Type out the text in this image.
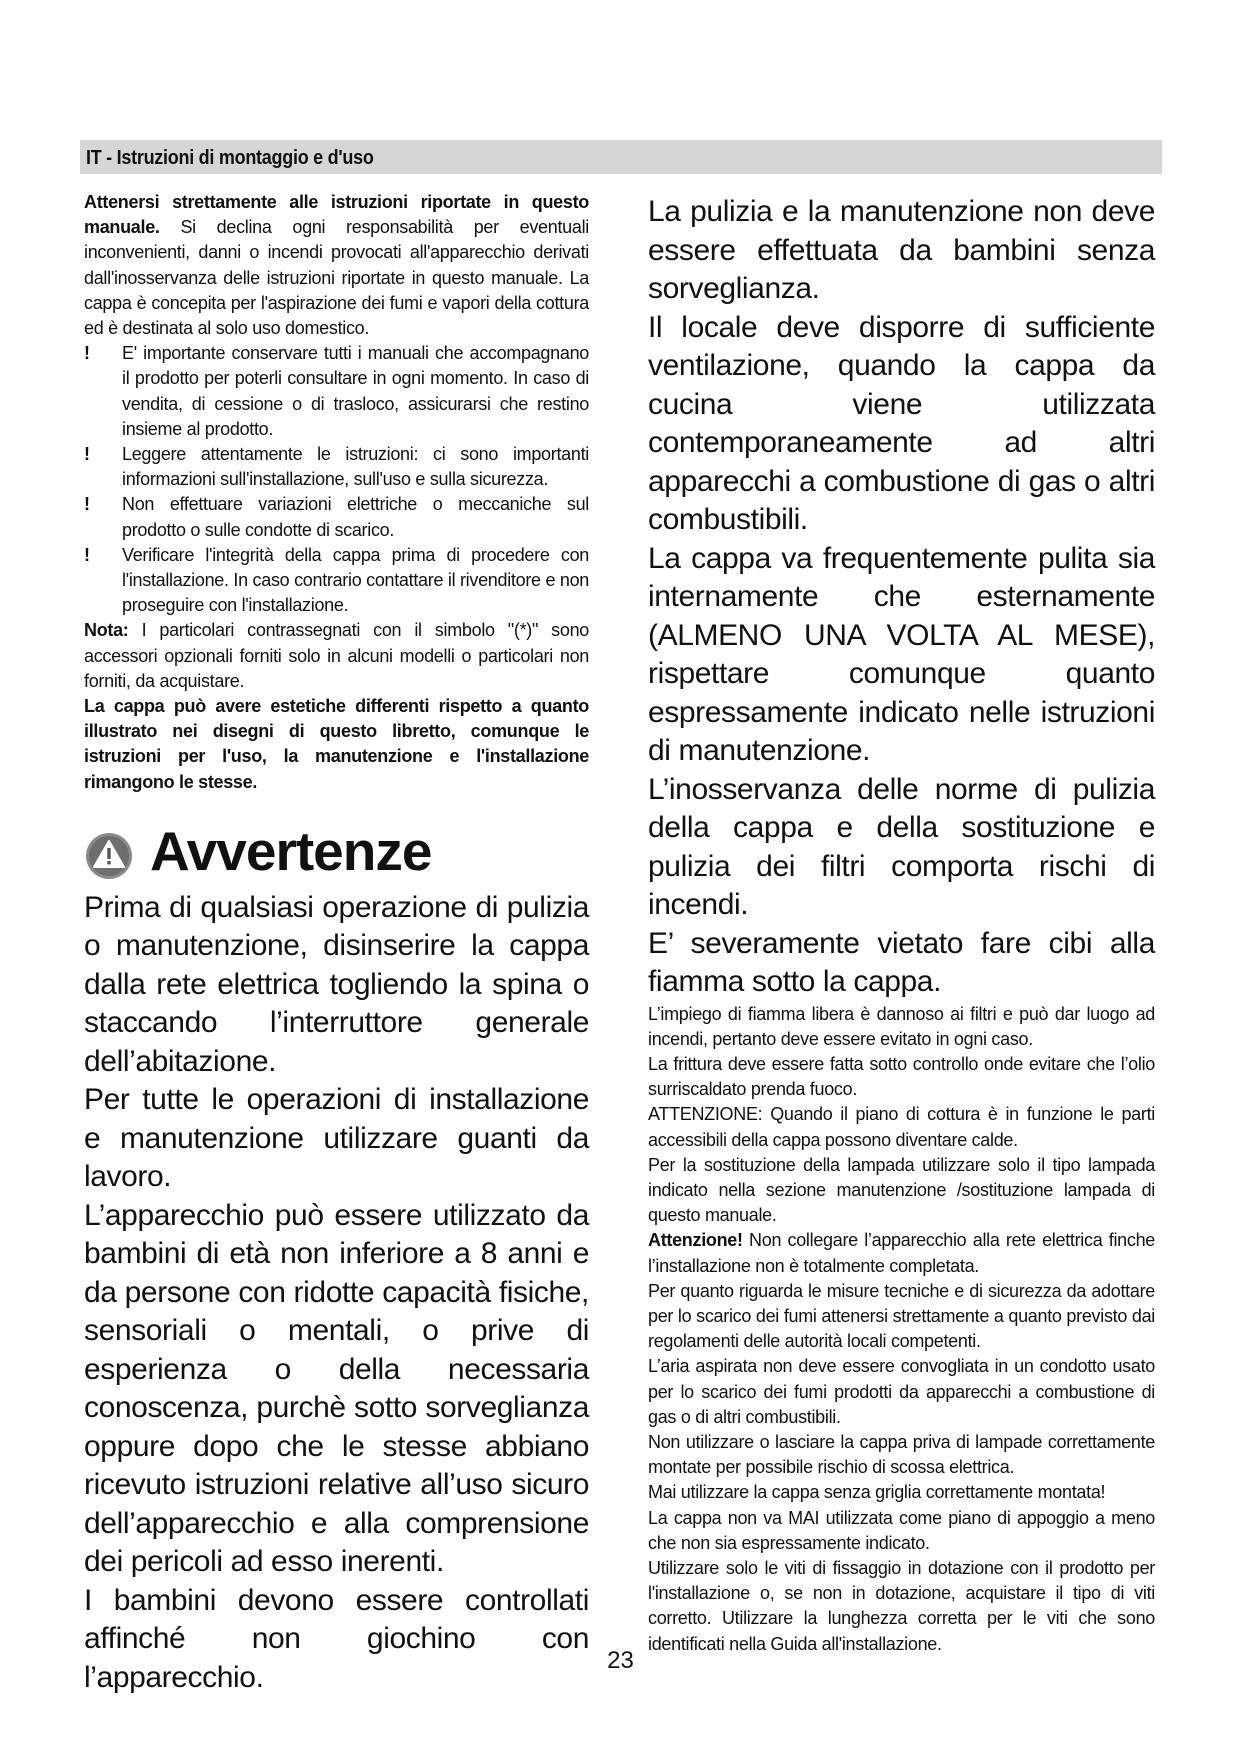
IT - Istruzioni di montaggio e d'uso

Attenersi strettamente alle istruzioni riportate in questo manuale. Si declina ogni responsabilità per eventuali inconvenienti, danni o incendi provocati all'apparecchio derivati dall'inosservanza delle istruzioni riportate in questo manuale. La cappa è concepita per l'aspirazione dei fumi e vapori della cottura ed è destinata al solo uso domestico.

! E' importante conservare tutti i manuali che accompagnano il prodotto per poterli consultare in ogni momento. In caso di vendita, di cessione o di trasloco, assicurarsi che restino insieme al prodotto.

! Leggere attentamente le istruzioni: ci sono importanti informazioni sull'installazione, sull'uso e sulla sicurezza.

! Non effettuare variazioni elettriche o meccaniche sul prodotto o sulle condotte di scarico.

! Verificare l'integrità della cappa prima di procedere con l'installazione. In caso contrario contattare il rivenditore e non proseguire con l'installazione.

Nota: I particolari contrassegnati con il simbolo "(*)" sono accessori opzionali forniti solo in alcuni modelli o particolari non forniti, da acquistare.

La cappa può avere estetiche differenti rispetto a quanto illustrato nei disegni di questo libretto, comunque le istruzioni per l'uso, la manutenzione e l'installazione rimangono le stesse.

Avvertenze

Prima di qualsiasi operazione di pulizia o manutenzione, disinserire la cappa dalla rete elettrica togliendo la spina o staccando l’interruttore generale dell’abitazione.

Per tutte le operazioni di installazione e manutenzione utilizzare guanti da lavoro.

L’apparecchio può essere utilizzato da bambini di età non inferiore a 8 anni e da persone con ridotte capacità fisiche, sensoriali o mentali, o prive di esperienza o della necessaria conoscenza, purchè sotto sorveglianza oppure dopo che le stesse abbiano ricevuto istruzioni relative all’uso sicuro dell’apparecchio e alla comprensione dei pericoli ad esso inerenti.

I bambini devono essere controllati affinché non giochino con l’apparecchio.

La pulizia e la manutenzione non deve essere effettuata da bambini senza sorveglianza.

Il locale deve disporre di sufficiente ventilazione, quando la cappa da cucina viene utilizzata contemporaneamente ad altri apparecchi a combustione di gas o altri combustibili.

La cappa va frequentemente pulita sia internamente che esternamente (ALMENO UNA VOLTA AL MESE), rispettare comunque quanto espressamente indicato nelle istruzioni di manutenzione.

L’inosservanza delle norme di pulizia della cappa e della sostituzione e pulizia dei filtri comporta rischi di incendi.

E’ severamente vietato fare cibi alla fiamma sotto la cappa.

L’impiego di fiamma libera è dannoso ai filtri e può dar luogo ad incendi, pertanto deve essere evitato in ogni caso.

La frittura deve essere fatta sotto controllo onde evitare che l’olio surriscaldato prenda fuoco.

ATTENZIONE: Quando il piano di cottura è in funzione le parti accessibili della cappa possono diventare calde.

Per la sostituzione della lampada utilizzare solo il tipo lampada indicato nella sezione manutenzione /sostituzione lampada di questo manuale.

Attenzione! Non collegare l’apparecchio alla rete elettrica finche l’installazione non è totalmente completata.

Per quanto riguarda le misure tecniche e di sicurezza da adottare per lo scarico dei fumi attenersi strettamente a quanto previsto dai regolamenti delle autorità locali competenti.

L’aria aspirata non deve essere convogliata in un condotto usato per lo scarico dei fumi prodotti da apparecchi a combustione di gas o di altri combustibili.

Non utilizzare o lasciare la cappa priva di lampade correttamente montate per possibile rischio di scossa elettrica.

Mai utilizzare la cappa senza griglia correttamente montata!

La cappa non va MAI utilizzata come piano di appoggio a meno che non sia espressamente indicato.

Utilizzare solo le viti di fissaggio in dotazione con il prodotto per l'installazione o, se non in dotazione, acquistare il tipo di viti corretto. Utilizzare la lunghezza corretta per le viti che sono identificati nella Guida all'installazione.

23
